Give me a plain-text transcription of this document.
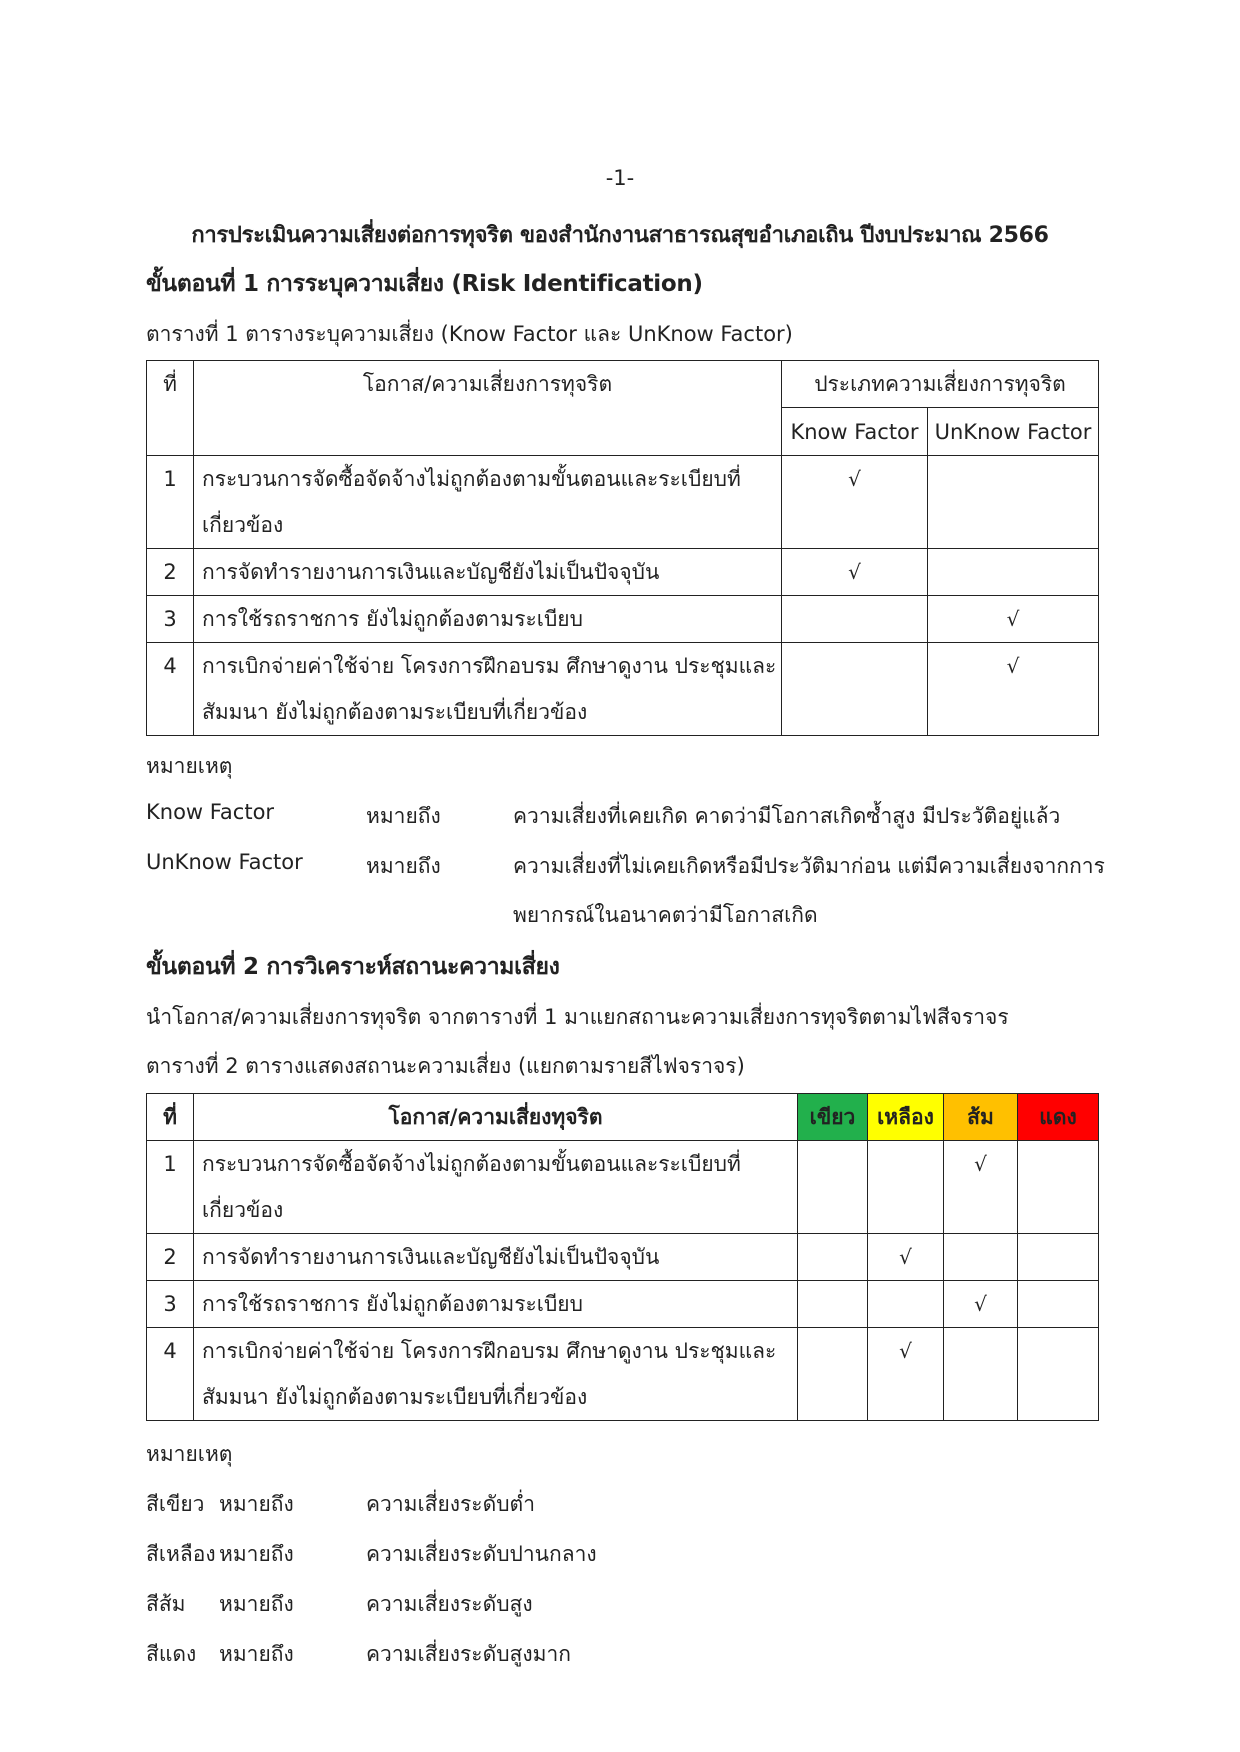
-1-
การประเมินความเสี่ยงต่อการทุจริต ของสำนักงานสาธารณสุขอำเภอเถิน ปีงบประมาณ 2566
ขั้นตอนที่ 1 การระบุความเสี่ยง (Risk Identification)
ตารางที่ 1 ตารางระบุความเสี่ยง (Know Factor และ UnKnow Factor)
ที่	โอกาส/ความเสี่ยงการทุจริต	ประเภทความเสี่ยงการทุจริต	
		Know Factor	UnKnow Factor
1	กระบวนการจัดซื้อจัดจ้างไม่ถูกต้องตามขั้นตอนและระเบียบที่
เกี่ยวข้อง	√	
2	การจัดทำรายงานการเงินและบัญชียังไม่เป็นปัจจุบัน	√	
3	การใช้รถราชการ ยังไม่ถูกต้องตามระเบียบ		√
4	การเบิกจ่ายค่าใช้จ่าย โครงการฝึกอบรม ศึกษาดูงาน ประชุมและ
สัมมนา ยังไม่ถูกต้องตามระเบียบที่เกี่ยวข้อง		√
หมายเหตุ
Know Factor	หมายถึง	ความเสี่ยงที่เคยเกิด คาดว่ามีโอกาสเกิดซ้ำสูง มีประวัติอยู่แล้ว
UnKnow Factor	หมายถึง	ความเสี่ยงที่ไม่เคยเกิดหรือมีประวัติมาก่อน แต่มีความเสี่ยงจากการ
พยากรณ์ในอนาคตว่ามีโอกาสเกิด
ขั้นตอนที่ 2 การวิเคราะห์สถานะความเสี่ยง
นำโอกาส/ความเสี่ยงการทุจริต จากตารางที่ 1 มาแยกสถานะความเสี่ยงการทุจริตตามไฟสีจราจร
ตารางที่ 2 ตารางแสดงสถานะความเสี่ยง (แยกตามรายสีไฟจราจร)
ที่	โอกาส/ความเสี่ยงทุจริต	เขียว	เหลือง	ส้ม	แดง
1	กระบวนการจัดซื้อจัดจ้างไม่ถูกต้องตามขั้นตอนและระเบียบที่
เกี่ยวข้อง			√	
2	การจัดทำรายงานการเงินและบัญชียังไม่เป็นปัจจุบัน		√		
3	การใช้รถราชการ ยังไม่ถูกต้องตามระเบียบ			√	
4	การเบิกจ่ายค่าใช้จ่าย โครงการฝึกอบรม ศึกษาดูงาน ประชุมและ
สัมมนา ยังไม่ถูกต้องตามระเบียบที่เกี่ยวข้อง		√		
หมายเหตุ
สีเขียว หมายถึง	ความเสี่ยงระดับต่ำ
สีเหลือง หมายถึง	ความเสี่ยงระดับปานกลาง
สีส้ม หมายถึง	ความเสี่ยงระดับสูง
สีแดง หมายถึง	ความเสี่ยงระดับสูงมาก
